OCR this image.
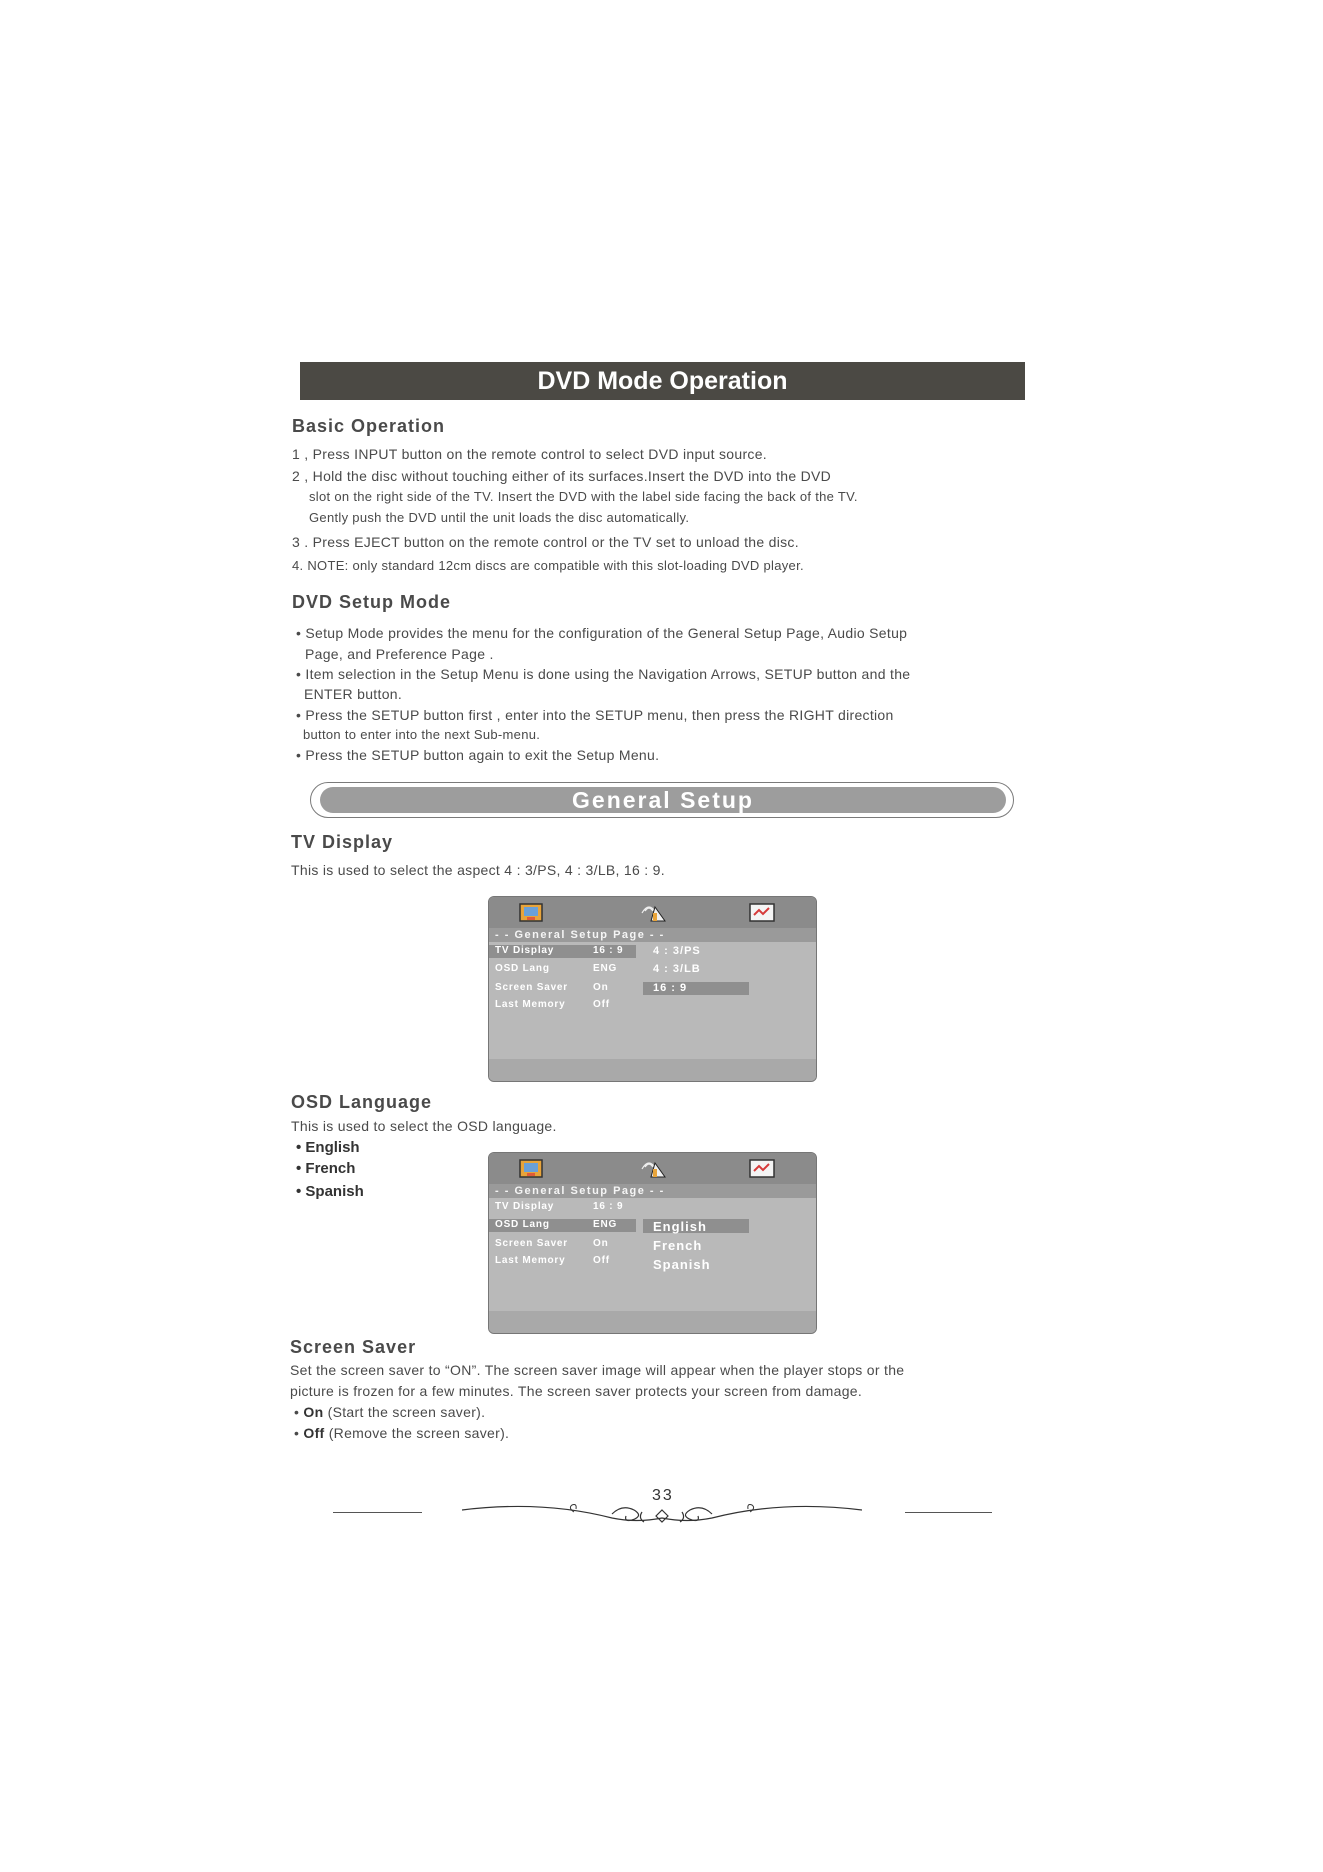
DVD Mode Operation
Basic Operation
1 , Press INPUT button on the remote control to select DVD input source.
2 , Hold the disc without touching either of its surfaces.Insert the DVD into the DVD
slot on the right side of the TV. Insert the DVD with the label side facing the back of the TV.
Gently push the DVD until the unit loads the disc automatically.
3 . Press EJECT button on the remote control or the TV set to unload the disc.
4. NOTE: only standard 12cm discs are compatible with this slot-loading DVD player.
DVD Setup Mode
• Setup Mode provides the menu for the configuration of the General Setup Page, Audio Setup
Page, and Preference Page .
• Item selection in the Setup Menu is done using the Navigation Arrows, SETUP button and the
ENTER button.
• Press the SETUP button first , enter into the SETUP menu, then press the RIGHT direction
button to enter into the next Sub-menu.
• Press the SETUP button again to exit the Setup Menu.
General Setup
TV Display
This is used to select the aspect 4 : 3/PS, 4 : 3/LB, 16 : 9.
- - General Setup Page - -
TV Display	16 : 9
OSD Lang	ENG
Screen Saver	On
Last Memory	Off
4 : 3/PS
4 : 3/LB
16 : 9
OSD Language
This is used to select the OSD language.
• English
• French
• Spanish	- - General Setup Page - -
TV Display	16 : 9
OSD Lang	ENG
Screen Saver	On
Last Memory	Off
English
French
Spanish
Screen Saver
Set the screen saver to “ON”. The screen saver image will appear when the player stops or the
picture is frozen for a few minutes. The screen saver protects your screen from damage.
• On (Start the screen saver).
• Off (Remove the screen saver).
33
